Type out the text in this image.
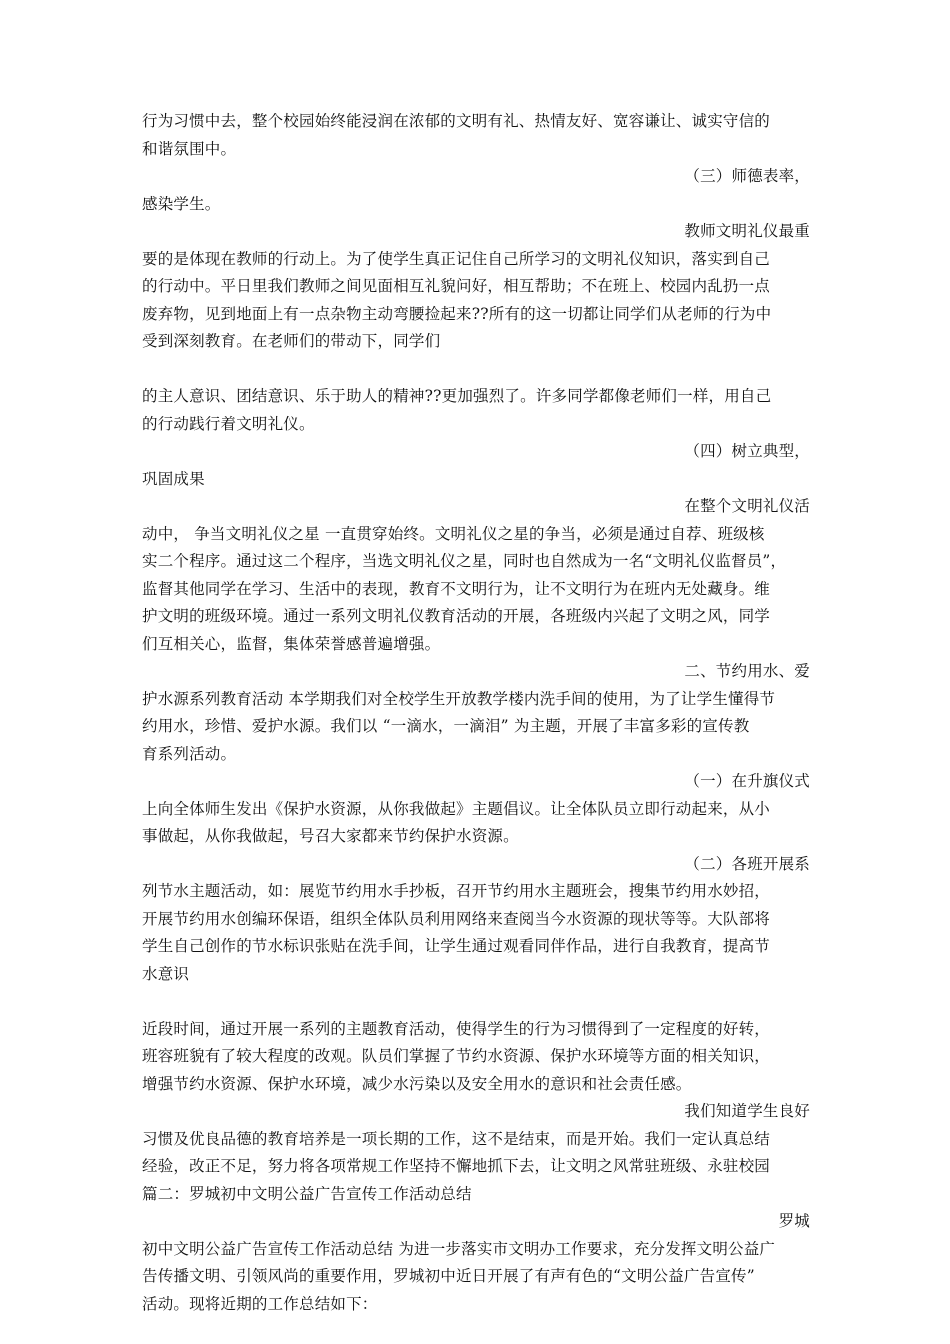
行为习惯中去，整个校园始终能浸润在浓郁的文明有礼、热情友好、宽容谦让、诚实守信的
和谐氛围中。
（三）师德表率，
感染学生。
教师文明礼仪最重
要的是体现在教师的行动上。为了使学生真正记住自己所学习的文明礼仪知识，落实到自己
的行动中。平日里我们教师之间见面相互礼貌问好，相互帮助；不在班上、校园内乱扔一点
废弃物，见到地面上有一点杂物主动弯腰捡起来??所有的这一切都让同学们从老师的行为中
受到深刻教育。在老师们的带动下，同学们
的主人意识、团结意识、乐于助人的精神??更加强烈了。许多同学都像老师们一样，用自己
的行动践行着文明礼仪。
（四）树立典型，
巩固成果
在整个文明礼仪活
动中， 争当文明礼仪之星 一直贯穿始终。文明礼仪之星的争当，必须是通过自荐、班级核
实二个程序。通过这二个程序，当选文明礼仪之星，同时也自然成为一名“文明礼仪监督员”，
监督其他同学在学习、生活中的表现，教育不文明行为，让不文明行为在班内无处藏身。维
护文明的班级环境。通过一系列文明礼仪教育活动的开展，各班级内兴起了文明之风，同学
们互相关心，监督，集体荣誉感普遍增强。
二、节约用水、爱
护水源系列教育活动 本学期我们对全校学生开放教学楼内洗手间的使用，为了让学生懂得节
约用水，珍惜、爱护水源。我们以 “一滴水，一滴泪” 为主题，开展了丰富多彩的宣传教
育系列活动。
（一）在升旗仪式
上向全体师生发出《保护水资源，从你我做起》主题倡议。让全体队员立即行动起来，从小
事做起，从你我做起，号召大家都来节约保护水资源。
（二）各班开展系
列节水主题活动，如：展览节约用水手抄板，召开节约用水主题班会，搜集节约用水妙招，
开展节约用水创编环保语，组织全体队员利用网络来查阅当今水资源的现状等等。大队部将
学生自己创作的节水标识张贴在洗手间，让学生通过观看同伴作品，进行自我教育，提高节
水意识
近段时间，通过开展一系列的主题教育活动，使得学生的行为习惯得到了一定程度的好转，
班容班貌有了较大程度的改观。队员们掌握了节约水资源、保护水环境等方面的相关知识，
增强节约水资源、保护水环境，减少水污染以及安全用水的意识和社会责任感。
我们知道学生良好
习惯及优良品德的教育培养是一项长期的工作，这不是结束，而是开始。我们一定认真总结
经验，改正不足，努力将各项常规工作坚持不懈地抓下去，让文明之风常驻班级、永驻校园
篇二：罗城初中文明公益广告宣传工作活动总结
罗城
初中文明公益广告宣传工作活动总结 为进一步落实市文明办工作要求，充分发挥文明公益广
告传播文明、引领风尚的重要作用，罗城初中近日开展了有声有色的“文明公益广告宣传”
活动。现将近期的工作总结如下：
